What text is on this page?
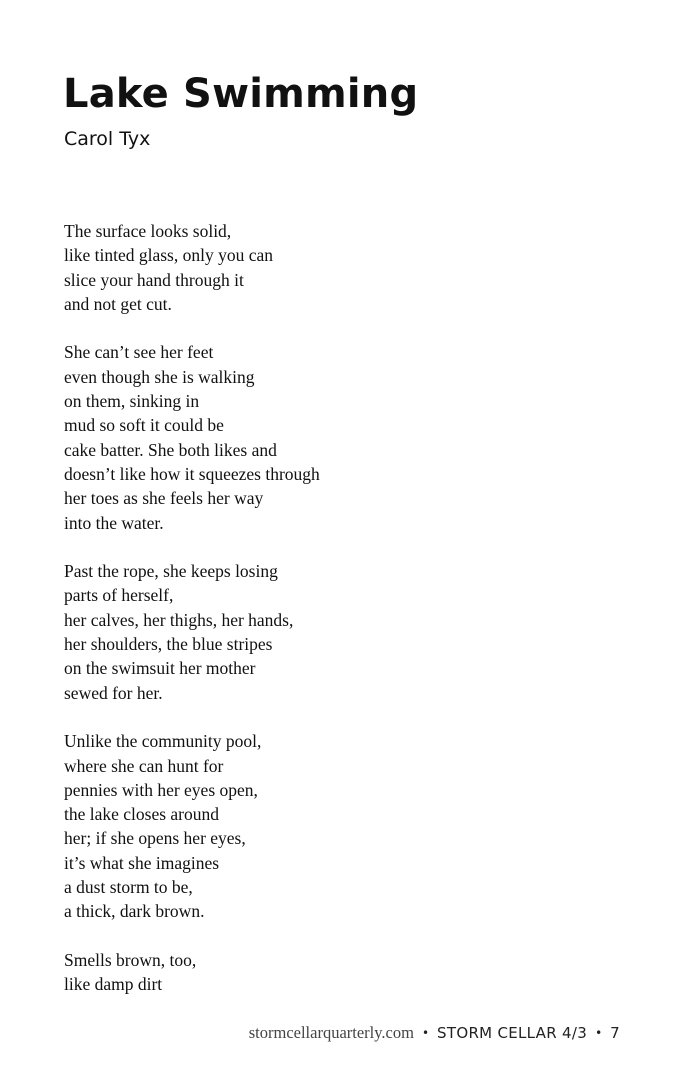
Lake Swimming
Carol Tyx
The surface looks solid,
like tinted glass, only you can
slice your hand through it
and not get cut.
She can’t see her feet
even though she is walking
on them, sinking in
mud so soft it could be
cake batter. She both likes and
doesn’t like how it squeezes through
her toes as she feels her way
into the water.
Past the rope, she keeps losing
parts of herself,
her calves, her thighs, her hands,
her shoulders, the blue stripes
on the swimsuit her mother
sewed for her.
Unlike the community pool,
where she can hunt for
pennies with her eyes open,
the lake closes around
her; if she opens her eyes,
it’s what she imagines
a dust storm to be,
a thick, dark brown.
Smells brown, too,
like damp dirt
stormcellarquarterly.com • STORM CELLAR 4/3 • 7
